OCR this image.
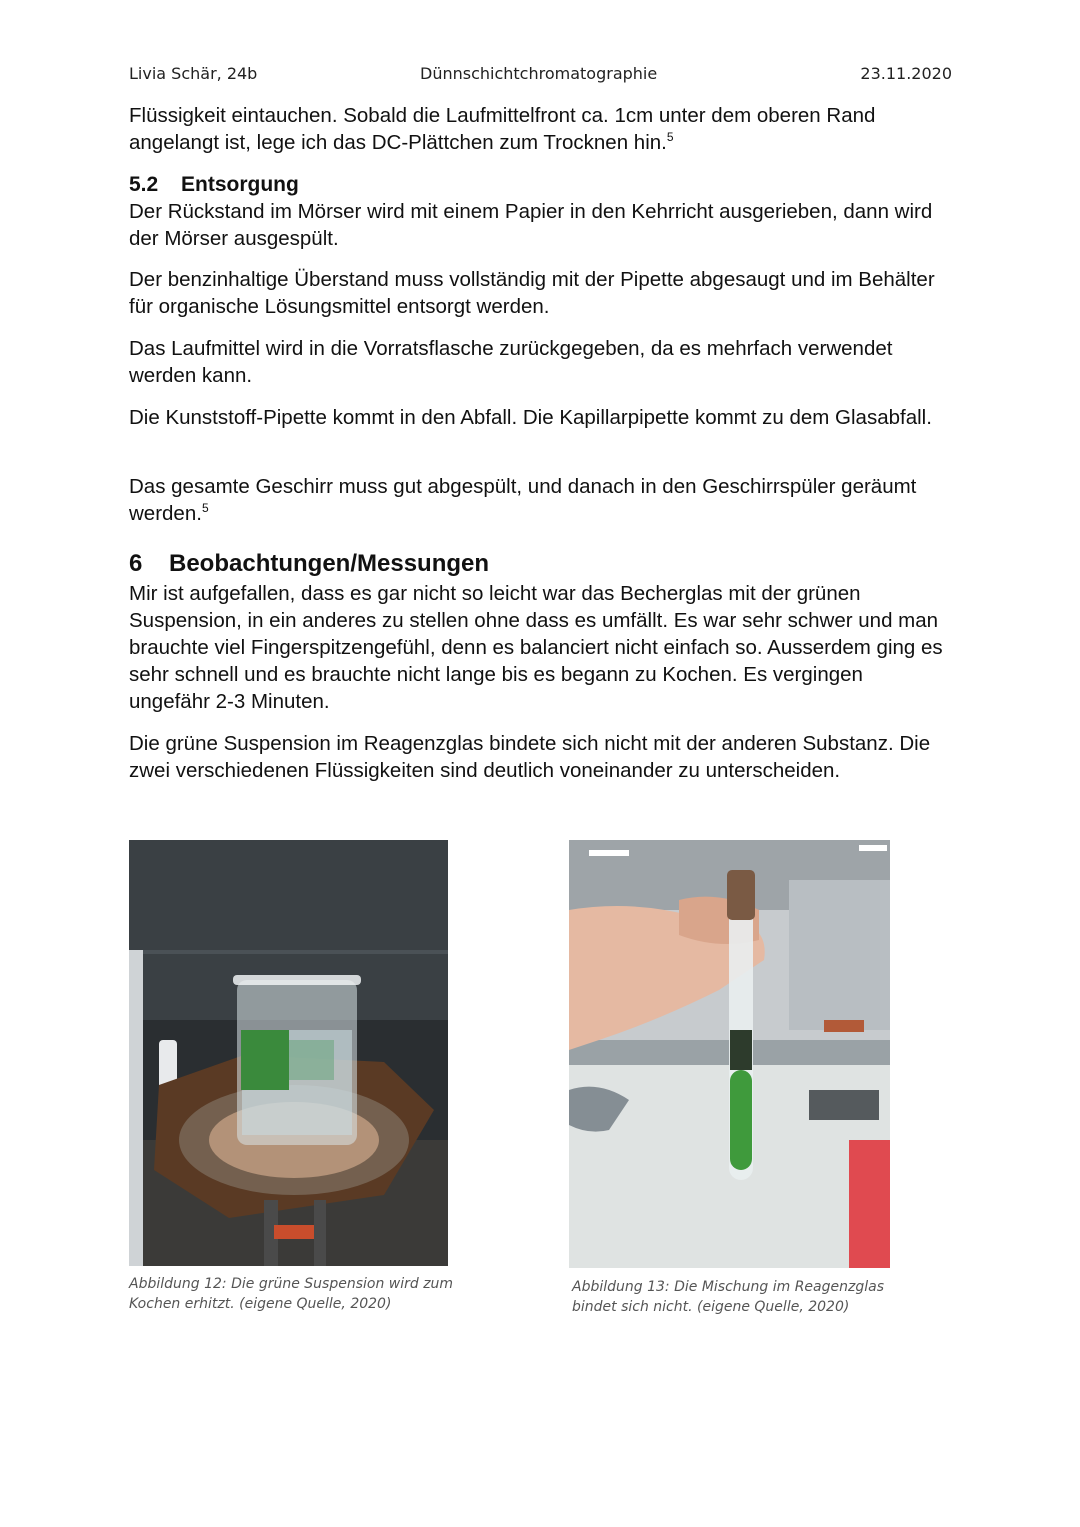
Livia Schär, 24b	Dünnschichtchromatographie	23.11.2020
Flüssigkeit eintauchen. Sobald die Laufmittelfront ca. 1cm unter dem oberen Rand
angelangt ist, lege ich das DC-Plättchen zum Trocknen hin.$^5$
5.2 Entsorgung

Der Rückstand im Mörser wird mit einem Papier in den Kehrricht ausgerieben, dann wird der Mörser ausgespült.

Der benzinhaltige Überstand muss vollständig mit der Pipette abgesaugt und im Behälter für organische Lösungsmittel entsorgt werden.

Das Laufmittel wird in die Vorratsflasche zurückgegeben, da es mehrfach verwendet werden kann.

Die Kunststoff-Pipette kommt in den Abfall. Die Kapillarpipette kommt zu dem Glasabfall.

Das gesamte Geschirr muss gut abgespült, und danach in den Geschirrspüler geräumt werden.$^5$

6 Beobachtungen/Messungen

Mir ist aufgefallen, dass es gar nicht so leicht war das Becherglas mit der grünen Suspension, in ein anderes zu stellen ohne dass es umfällt. Es war sehr schwer und man brauchte viel Fingerspitzengefühl, denn es balanciert nicht einfach so. Ausserdem ging es sehr schnell und es brauchte nicht lange bis es begann zu Kochen. Es vergingen ungefähr 2-3 Minuten.

Die grüne Suspension im Reagenzglas bindete sich nicht mit der anderen Substanz. Die zwei verschiedenen Flüssigkeiten sind deutlich voneinander zu unterscheiden.

Abbildung 12: Die grüne Suspension wird zum
Kochen erhitzt. (eigene Quelle, 2020)
Abbildung 13: Die Mischung im Reagenzglas
bindet sich nicht. (eigene Quelle, 2020)
